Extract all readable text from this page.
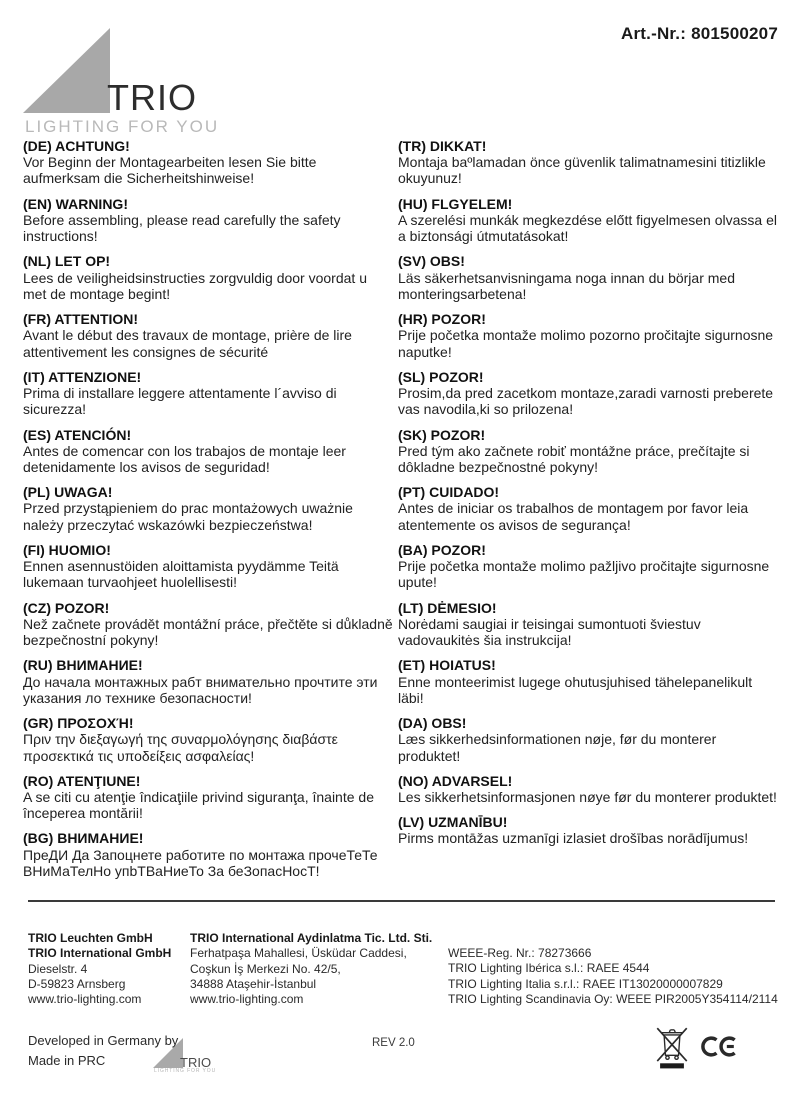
Art.-Nr.: 801500207
TRIO
LIGHTING FOR YOU
(DE) ACHTUNG!
Vor Beginn der Montagearbeiten lesen Sie bitte aufmerksam die Sicherheitshinweise!
(EN) WARNING!
Before assembling, please read carefully the safety instructions!
(NL) LET OP!
Lees de veiligheidsinstructies zorgvuldig door voordat u met de montage begint!
(FR) ATTENTION!
Avant le début des travaux de montage, prière de lire attentivement les consignes de sécurité
(IT) ATTENZIONE!
Prima di installare leggere attentamente l´avviso di sicurezza!
(ES) ATENCIÓN!
Antes de comencar con los trabajos de montaje leer detenidamente los avisos de seguridad!
(PL) UWAGA!
Przed przystąpieniem do prac montażowych uważnie należy przeczytać wskazówki bezpieczeństwa!
(FI) HUOMIO!
Ennen asennustöiden aloittamista pyydämme Teitä lukemaan turvaohjeet huolellisesti!
(CZ) POZOR!
Než začnete provádět montážní práce, přečtěte si důkladně bezpečnostní pokyny!
(RU) ВНИМАНИЕ!
До начала монтажных рабт внимательно прочтите эти указания ло технике безопасности!
(GR) ΠΡΟΣΟΧΉ!
Πριν την διεξαγωγή της συναρμολόγησης διαβάστε προσεκτικά τις υποδείξεις ασφαλείας!
(RO) ATENŢIUNE!
A se citi cu atenţie îndicaţiile privind siguranţa, înainte de începerea montării!
(BG) ВНИМАНИЕ!
ПреДИ Да Запоцнете работите по монтажа прочеТеТе ВНиМаТелНо упbТВаНиеТо За беЗопасНосТ!
(TR) DIKKAT!
Montaja baºlamadan önce güvenlik talimatnamesini titizlikle okuyunuz!
(HU) FLGYELEM!
A szerelési munkák megkezdése előtt figyelmesen olvassa el a biztonsági útmutatásokat!
(SV) OBS!
Läs säkerhetsanvisningama noga innan du börjar med monteringsarbetena!
(HR) POZOR!
Prije početka montaže molimo pozorno pročitajte sigurnosne naputke!
(SL) POZOR!
Prosim,da pred zacetkom montaze,zaradi varnosti preberete vas navodila,ki so prilozena!
(SK) POZOR!
Pred tým ako začnete robiť montážne práce, prečítajte si dôkladne bezpečnostné pokyny!
(PT) CUIDADO!
Antes de iniciar os trabalhos de montagem por favor leia atentemente os avisos de segurança!
(BA) POZOR!
Prije početka montaže molimo pažljivo pročitajte sigurnosne upute!
(LT) DĖMESIO!
Norėdami saugiai ir teisingai sumontuoti šviestuv vadovaukitės šia instrukcija!
(ET) HOIATUS!
Enne monteerimist lugege ohutusjuhised tähelepanelikult läbi!
(DA) OBS!
Læs sikkerhedsinformationen nøje, før du monterer produktet!
(NO) ADVARSEL!
Les sikkerhetsinformasjonen nøye før du monterer produktet!
(LV) UZMANĪBU!
Pirms montāžas uzmanīgi izlasiet drošības norādījumus!
TRIO Leuchten GmbH
TRIO International GmbH
Dieselstr. 4
D-59823 Arnsberg
www.trio-lighting.com
TRIO International Aydinlatma Tic. Ltd. Sti.
Ferhatpaşa Mahallesi, Üsküdar Caddesi,
Coşkun İş Merkezi No. 42/5,
34888 Ataşehir-İstanbul
www.trio-lighting.com
WEEE-Reg. Nr.: 78273666
TRIO Lighting Ibérica s.l.: RAEE 4544
TRIO Lighting Italia s.r.l.: RAEE IT13020000007829
TRIO Lighting Scandinavia Oy: WEEE PIR2005Y354114/2114
Developed in Germany by
Made in PRC	TRIO
LIGHTING FOR YOU
REV 2.0
